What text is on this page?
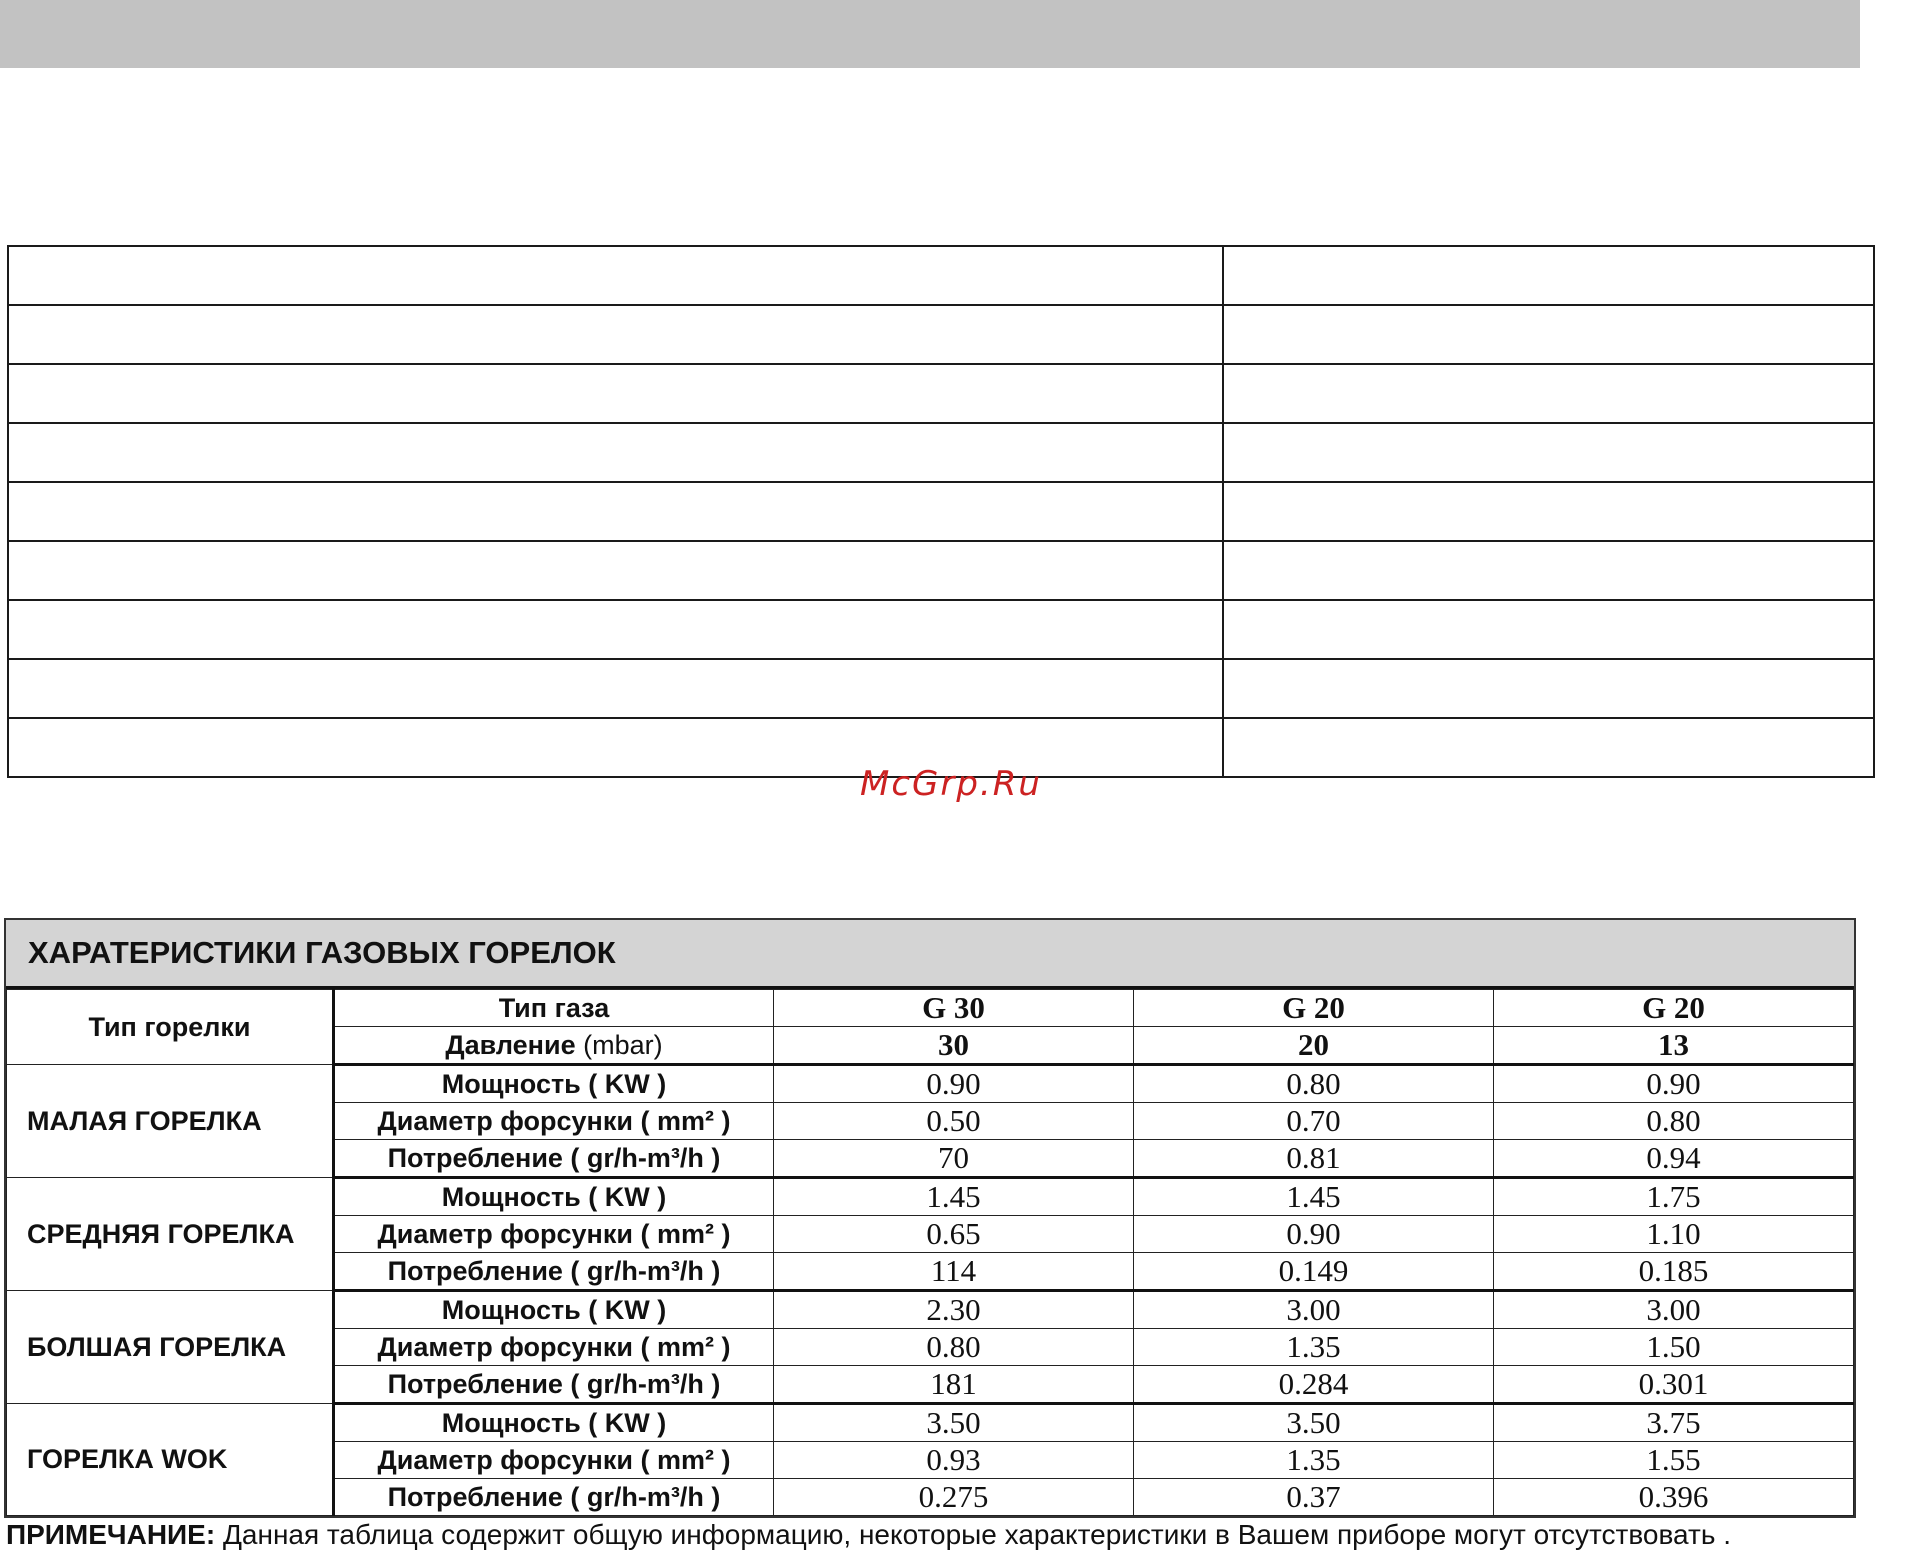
McGrp.Ru
ХАРАТЕРИСТИКИ ГАЗОВЫХ ГОРЕЛОК
Тип горелки	Тип газа	G 30	G 20	G 20
	Давление (mbar)	30	20	13
МАЛАЯ ГОРЕЛКА	Мощность ( KW )	0.90	0.80	0.90
	Диаметр форсунки ( mm² )	0.50	0.70	0.80
	Потребление ( gr/h-m³/h )	70	0.81	0.94
СРЕДНЯЯ ГОРЕЛКА	Мощность ( KW )	1.45	1.45	1.75
	Диаметр форсунки ( mm² )	0.65	0.90	1.10
	Потребление ( gr/h-m³/h )	114	0.149	0.185
БОЛШАЯ ГОРЕЛКА	Мощность ( KW )	2.30	3.00	3.00
	Диаметр форсунки ( mm² )	0.80	1.35	1.50
	Потребление ( gr/h-m³/h )	181	0.284	0.301
ГОРЕЛКА WOK	Мощность ( KW )	3.50	3.50	3.75
	Диаметр форсунки ( mm² )	0.93	1.35	1.55
	Потребление ( gr/h-m³/h )	0.275	0.37	0.396
ПРИМЕЧАНИЕ: Данная таблица содержит общую информацию, некоторые характеристики в Вашем приборе могут отсутствовать .
